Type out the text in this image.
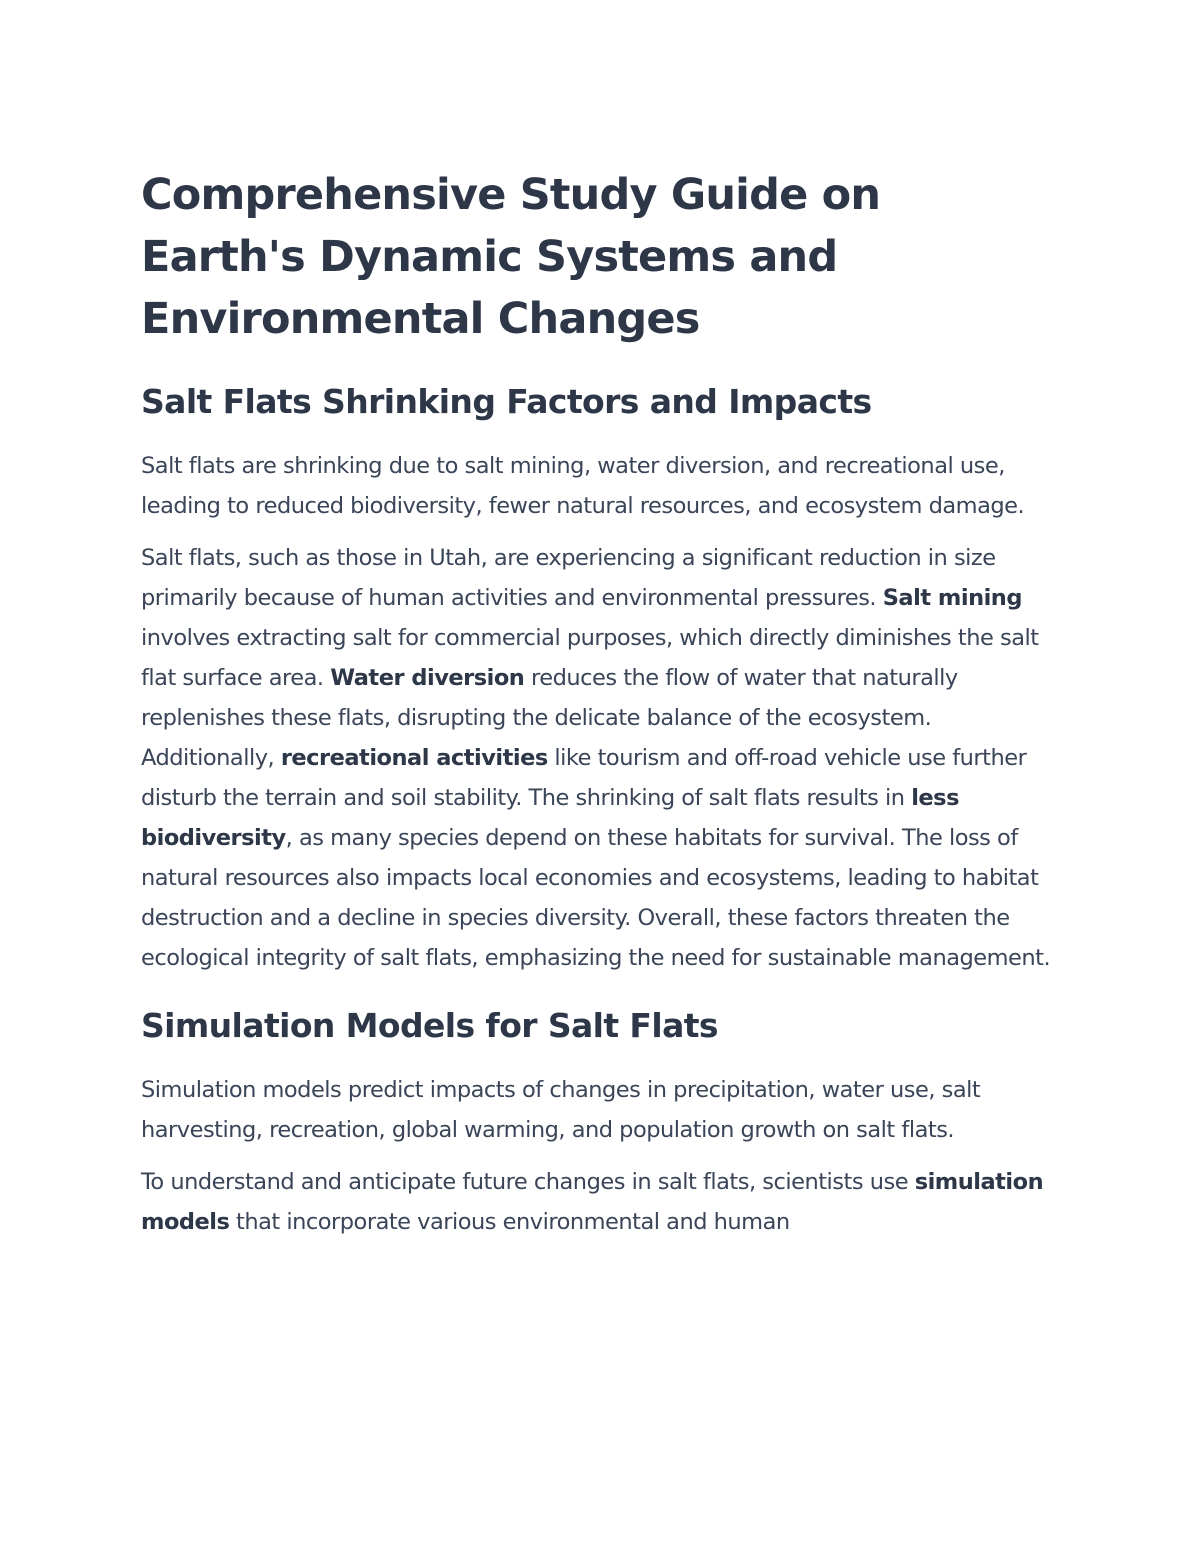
Comprehensive Study Guide on Earth's Dynamic Systems and Environmental Changes
Salt Flats Shrinking Factors and Impacts

Salt flats are shrinking due to salt mining, water diversion, and recreational use, leading to reduced biodiversity, fewer natural resources, and ecosystem damage.

Salt flats, such as those in Utah, are experiencing a significant reduction in size primarily because of human activities and environmental pressures. Salt mining involves extracting salt for commercial purposes, which directly diminishes the salt flat surface area. Water diversion reduces the flow of water that naturally replenishes these flats, disrupting the delicate balance of the ecosystem. Additionally, recreational activities like tourism and off-road vehicle use further disturb the terrain and soil stability. The shrinking of salt flats results in less biodiversity, as many species depend on these habitats for survival. The loss of natural resources also impacts local economies and ecosystems, leading to habitat destruction and a decline in species diversity. Overall, these factors threaten the ecological integrity of salt flats, emphasizing the need for sustainable management.

Simulation Models for Salt Flats

Simulation models predict impacts of changes in precipitation, water use, salt harvesting, recreation, global warming, and population growth on salt flats.

To understand and anticipate future changes in salt flats, scientists use simulation models that incorporate various environmental and human
